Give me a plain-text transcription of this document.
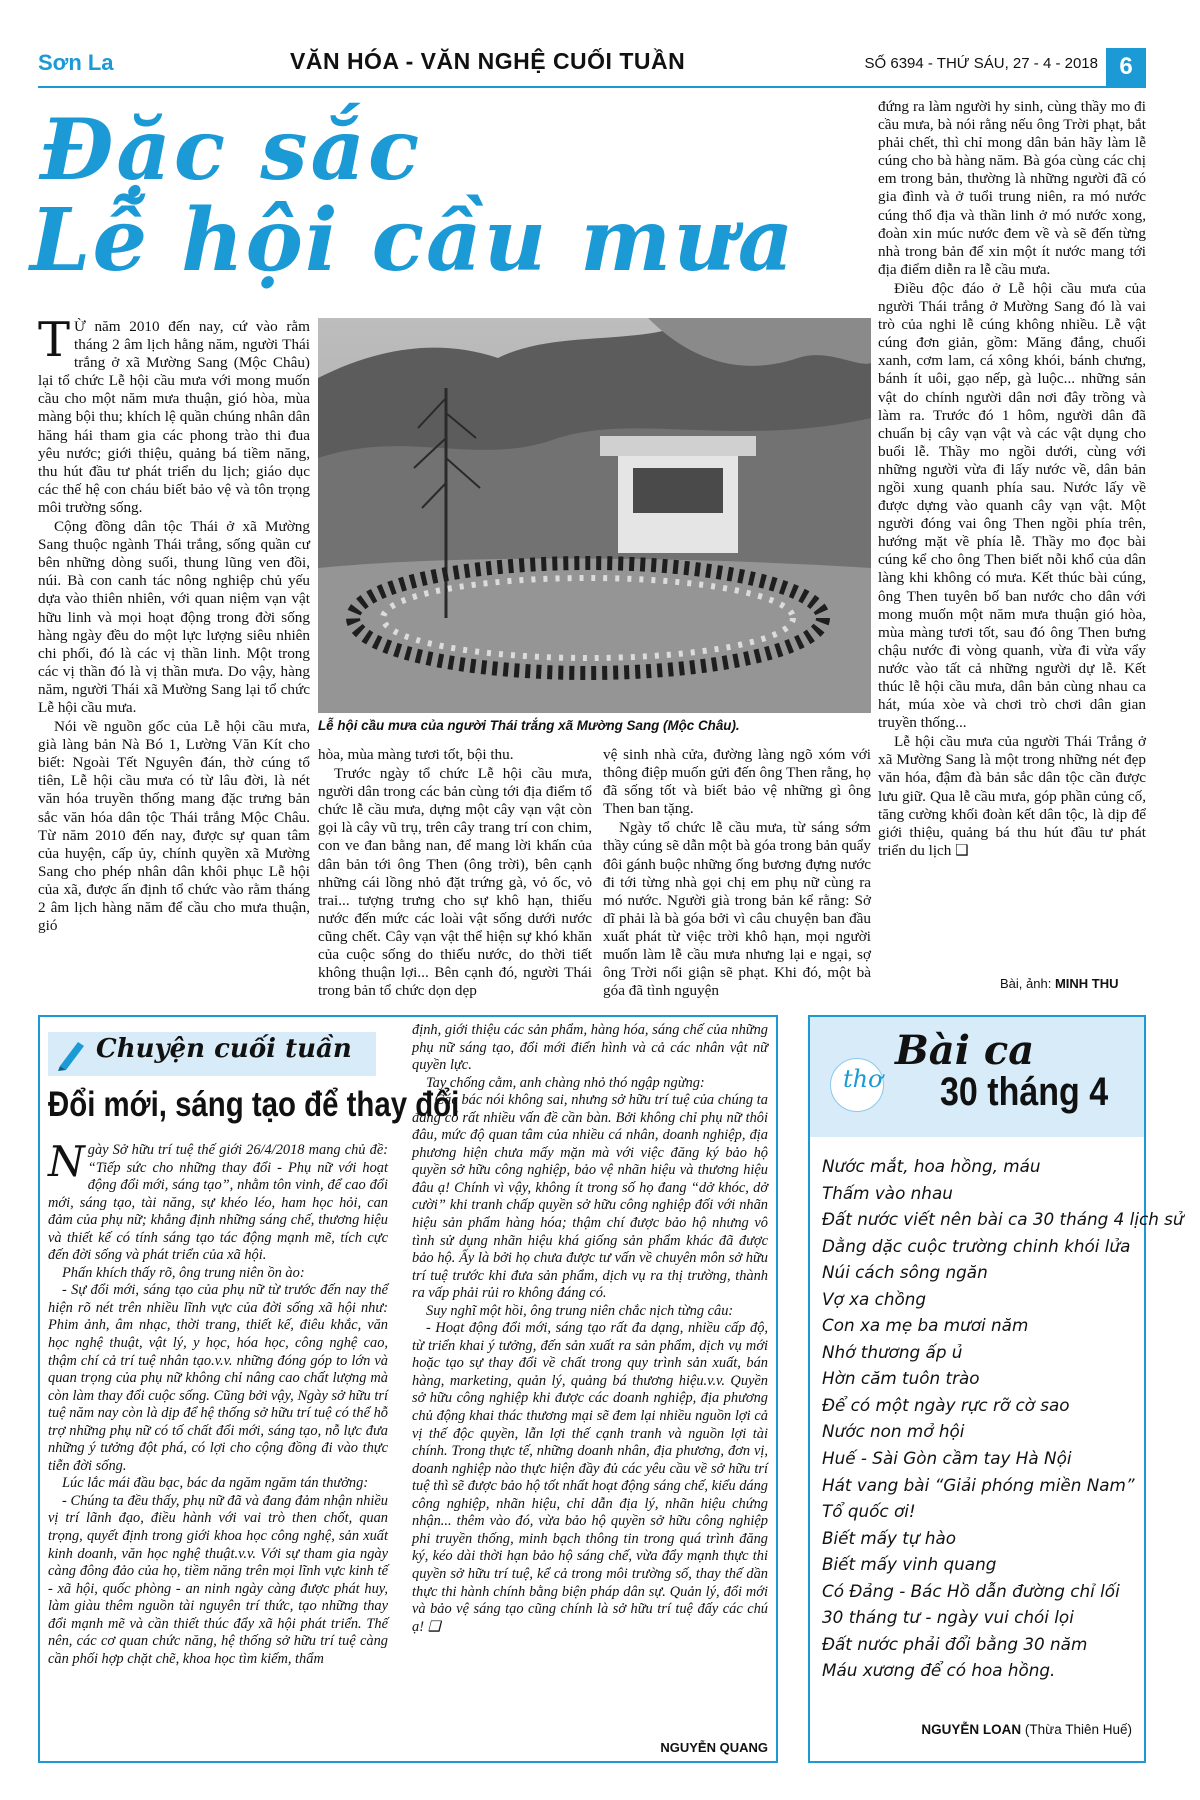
Sơn La	VĂN HÓA - VĂN NGHỆ CUỐI TUẦN	SỐ 6394 - THỨ SÁU, 27 - 4 - 2018 6
Đặc sắc
Lễ hội cầu mưa
T Ừ năm 2010 đến nay, cứ vào rằm tháng 2 âm lịch hằng năm, người Thái trắng ở xã Mường Sang (Mộc Châu) lại tổ chức Lễ hội cầu mưa với mong muốn cầu cho một năm mưa thuận, gió hòa, mùa màng bội thu; khích lệ quần chúng nhân dân hăng hái tham gia các phong trào thi đua yêu nước; giới thiệu, quảng bá tiềm năng, thu hút đầu tư phát triển du lịch; giáo dục các thế hệ con cháu biết bảo vệ và tôn trọng môi trường sống.

Cộng đồng dân tộc Thái ở xã Mường Sang thuộc ngành Thái trắng, sống quần cư bên những dòng suối, thung lũng ven đồi, núi. Bà con canh tác nông nghiệp chủ yếu dựa vào thiên nhiên, với quan niệm vạn vật hữu linh và mọi hoạt động trong đời sống hàng ngày đều do một lực lượng siêu nhiên chi phối, đó là các vị thần linh. Một trong các vị thần đó là vị thần mưa. Do vậy, hàng năm, người Thái xã Mường Sang lại tổ chức Lễ hội cầu mưa.

Nói về nguồn gốc của Lễ hội cầu mưa, già làng bản Nà Bó 1, Lường Văn Kít cho biết: Ngoài Tết Nguyên đán, thờ cúng tổ tiên, Lễ hội cầu mưa có từ lâu đời, là nét văn hóa truyền thống mang đặc trưng bản sắc văn hóa dân tộc Thái trắng Mộc Châu. Từ năm 2010 đến nay, được sự quan tâm của huyện, cấp ủy, chính quyền xã Mường Sang cho phép nhân dân khôi phục Lễ hội của xã, được ấn định tổ chức vào rằm tháng 2 âm lịch hàng năm để cầu cho mưa thuận, gió

Lễ hội cầu mưa của người Thái trắng xã Mường Sang (Mộc Châu).

hòa, mùa màng tươi tốt, bội thu.

Trước ngày tổ chức Lễ hội cầu mưa, người dân trong các bản cùng tới địa điểm tổ chức lễ cầu mưa, dựng một cây vạn vật còn gọi là cây vũ trụ, trên cây trang trí con chim, con ve đan bằng nan, để mang lời khấn của dân bản tới ông Then (ông trời), bên cạnh những cái lồng nhỏ đặt trứng gà, vỏ ốc, vỏ trai... tượng trưng cho sự khô hạn, thiếu nước đến mức các loài vật sống dưới nước cũng chết. Cây vạn vật thể hiện sự khó khăn của cuộc sống do thiếu nước, do thời tiết không thuận lợi... Bên cạnh đó, người Thái trong bản tổ chức dọn dẹp

vệ sinh nhà cửa, đường làng ngõ xóm với thông điệp muốn gửi đến ông Then rằng, họ đã sống tốt và biết bảo vệ những gì ông Then ban tặng.

Ngày tổ chức lễ cầu mưa, từ sáng sớm thầy cúng sẽ dẫn một bà góa trong bản quẩy đôi gánh buộc những ống bương đựng nước đi tới từng nhà gọi chị em phụ nữ cùng ra mó nước. Người già trong bản kể rằng: Sở dĩ phải là bà góa bởi vì câu chuyện ban đầu xuất phát từ việc trời khô hạn, mọi người muốn làm lễ cầu mưa nhưng lại e ngại, sợ ông Trời nổi giận sẽ phạt. Khi đó, một bà góa đã tình nguyện

đứng ra làm người hy sinh, cùng thầy mo đi cầu mưa, bà nói rằng nếu ông Trời phạt, bắt phải chết, thì chỉ mong dân bản hãy làm lễ cúng cho bà hàng năm. Bà góa cùng các chị em trong bản, thường là những người đã có gia đình và ở tuổi trung niên, ra mó nước cúng thổ địa và thần linh ở mó nước xong, đoàn xin múc nước đem về và sẽ đến từng nhà trong bản để xin một ít nước mang tới địa điểm diễn ra lễ cầu mưa.

Điều độc đáo ở Lễ hội cầu mưa của người Thái trắng ở Mường Sang đó là vai trò của nghi lễ cúng không nhiều. Lễ vật cúng đơn giản, gồm: Măng đắng, chuối xanh, cơm lam, cá xông khói, bánh chưng, bánh ít uôi, gạo nếp, gà luộc... những sản vật do chính người dân nơi đây trồng và làm ra. Trước đó 1 hôm, người dân đã chuẩn bị cây vạn vật và các vật dụng cho buổi lễ. Thầy mo ngồi dưới, cùng với những người vừa đi lấy nước về, dân bản ngồi xung quanh phía sau. Nước lấy về được dựng vào quanh cây vạn vật. Một người đóng vai ông Then ngồi phía trên, hướng mặt về phía lễ. Thầy mo đọc bài cúng kể cho ông Then biết nỗi khổ của dân làng khi không có mưa. Kết thúc bài cúng, ông Then tuyên bố ban nước cho dân với mong muốn một năm mưa thuận gió hòa, mùa màng tươi tốt, sau đó ông Then bưng chậu nước đi vòng quanh, vừa đi vừa vẩy nước vào tất cả những người dự lễ. Kết thúc lễ hội cầu mưa, dân bản cùng nhau ca hát, múa xòe và chơi trò chơi dân gian truyền thống...

Lễ hội cầu mưa của người Thái Trắng ở xã Mường Sang là một trong những nét đẹp văn hóa, đậm đà bản sắc dân tộc cần được lưu giữ. Qua lễ cầu mưa, góp phần củng cố, tăng cường khối đoàn kết dân tộc, là dịp để giới thiệu, quảng bá thu hút đầu tư phát triển du lịch ❑

Bài, ảnh: MINH THU
Chuyện cuối tuần
Đổi mới, sáng tạo để thay đổi
N gày Sở hữu trí tuệ thế giới 26/4/2018 mang chủ đề: “Tiếp sức cho những thay đổi - Phụ nữ với hoạt động đổi mới, sáng tạo”, nhằm tôn vinh, để cao đổi mới, sáng tạo, tài năng, sự khéo léo, ham học hỏi, can đảm của phụ nữ; khẳng định những sáng chế, thương hiệu và thiết kế có tính sáng tạo tác động mạnh mẽ, tích cực đến đời sống và phát triển của xã hội.

Phấn khích thấy rõ, ông trung niên ồn ào:

- Sự đổi mới, sáng tạo của phụ nữ từ trước đến nay thể hiện rõ nét trên nhiều lĩnh vực của đời sống xã hội như: Phim ảnh, âm nhạc, thời trang, thiết kế, điêu khắc, văn học nghệ thuật, vật lý, y học, hóa học, công nghệ cao, thậm chí cả trí tuệ nhân tạo.v.v. những đóng góp to lớn và quan trọng của phụ nữ không chỉ nâng cao chất lượng mà còn làm thay đổi cuộc sống. Cũng bởi vậy, Ngày sở hữu trí tuệ năm nay còn là dịp để hệ thống sở hữu trí tuệ có thể hỗ trợ những phụ nữ có tố chất đổi mới, sáng tạo, nỗ lực đưa những ý tưởng đột phá, có lợi cho cộng đồng đi vào thực tiễn đời sống.

Lúc lắc mái đầu bạc, bác da ngăm ngăm tán thưởng:

- Chúng ta đều thấy, phụ nữ đã và đang đảm nhận nhiều vị trí lãnh đạo, điều hành với vai trò then chốt, quan trọng, quyết định trong giới khoa học công nghệ, sản xuất kinh doanh, văn học nghệ thuật.v.v. Với sự tham gia ngày càng đông đảo của họ, tiềm năng trên mọi lĩnh vực kinh tế - xã hội, quốc phòng - an ninh ngày càng được phát huy, làm giàu thêm nguồn tài nguyên trí thức, tạo những thay đổi mạnh mẽ và cần thiết thúc đẩy xã hội phát triển. Thế nên, các cơ quan chức năng, hệ thống sở hữu trí tuệ càng cần phối hợp chặt chẽ, khoa học tìm kiếm, thẩm

định, giới thiệu các sản phẩm, hàng hóa, sáng chế của những phụ nữ sáng tạo, đổi mới điển hình và cả các nhân vật nữ quyền lực.

Tay chống cằm, anh chàng nhỏ thó ngập ngừng:

- Các bác nói không sai, nhưng sở hữu trí tuệ của chúng ta đang có rất nhiều vấn đề cần bàn. Bởi không chỉ phụ nữ thôi đâu, mức độ quan tâm của nhiều cá nhân, doanh nghiệp, địa phương hiện chưa mấy mặn mà với việc đăng ký bảo hộ quyền sở hữu công nghiệp, bảo vệ nhãn hiệu và thương hiệu đâu ạ! Chính vì vậy, không ít trong số họ đang “dở khóc, dở cười” khi tranh chấp quyền sở hữu công nghiệp đối với nhãn hiệu sản phẩm hàng hóa; thậm chí được bảo hộ nhưng vô tình sử dụng nhãn hiệu khá giống sản phẩm khác đã được bảo hộ. Ấy là bởi họ chưa được tư vấn về chuyên môn sở hữu trí tuệ trước khi đưa sản phẩm, dịch vụ ra thị trường, thành ra vấp phải rủi ro không đáng có.

Suy nghĩ một hồi, ông trung niên chắc nịch từng câu:

- Hoạt động đổi mới, sáng tạo rất đa dạng, nhiều cấp độ, từ triển khai ý tưởng, đến sản xuất ra sản phẩm, dịch vụ mới hoặc tạo sự thay đổi về chất trong quy trình sản xuất, bán hàng, marketing, quản lý, quảng bá thương hiệu.v.v. Quyền sở hữu công nghiệp khi được các doanh nghiệp, địa phương chủ động khai thác thương mại sẽ đem lại nhiều nguồn lợi cả vị thế độc quyền, lẫn lợi thế cạnh tranh và nguồn lợi tài chính. Trong thực tế, những doanh nhân, địa phương, đơn vị, doanh nghiệp nào thực hiện đầy đủ các yêu cầu về sở hữu trí tuệ thì sẽ được bảo hộ tốt nhất hoạt động sáng chế, kiểu dáng công nghiệp, nhãn hiệu, chỉ dẫn địa lý, nhãn hiệu chứng nhận... thêm vào đó, vừa bảo hộ quyền sở hữu công nghiệp phi truyền thống, minh bạch thông tin trong quá trình đăng ký, kéo dài thời hạn bảo hộ sáng chế, vừa đẩy mạnh thực thi quyền sở hữu trí tuệ, kể cả trong môi trường số, thay thế dần thực thi hành chính bằng biện pháp dân sự. Quản lý, đổi mới và bảo vệ sáng tạo cũng chính là sở hữu trí tuệ đấy các chú ạ! ❑

NGUYỄN QUANG
thơ
Bài ca
30 tháng 4
Nước mắt, hoa hồng, máu
Thấm vào nhau
Đất nước viết nên bài ca 30 tháng 4 lịch sử
Dằng dặc cuộc trường chinh khói lửa
Núi cách sông ngăn
Vợ xa chồng
Con xa mẹ ba mươi năm
Nhớ thương ấp ủ
Hờn căm tuôn trào
Để có một ngày rực rỡ cờ sao
Nước non mở hội
Huế - Sài Gòn cầm tay Hà Nội
Hát vang bài “Giải phóng miền Nam”
Tổ quốc ơi!
Biết mấy tự hào
Biết mấy vinh quang
Có Đảng - Bác Hồ dẫn đường chỉ lối
30 tháng tư - ngày vui chói lọi
Đất nước phải đổi bằng 30 năm
Máu xương để có hoa hồng.
NGUYỄN LOAN (Thừa Thiên Huế)
